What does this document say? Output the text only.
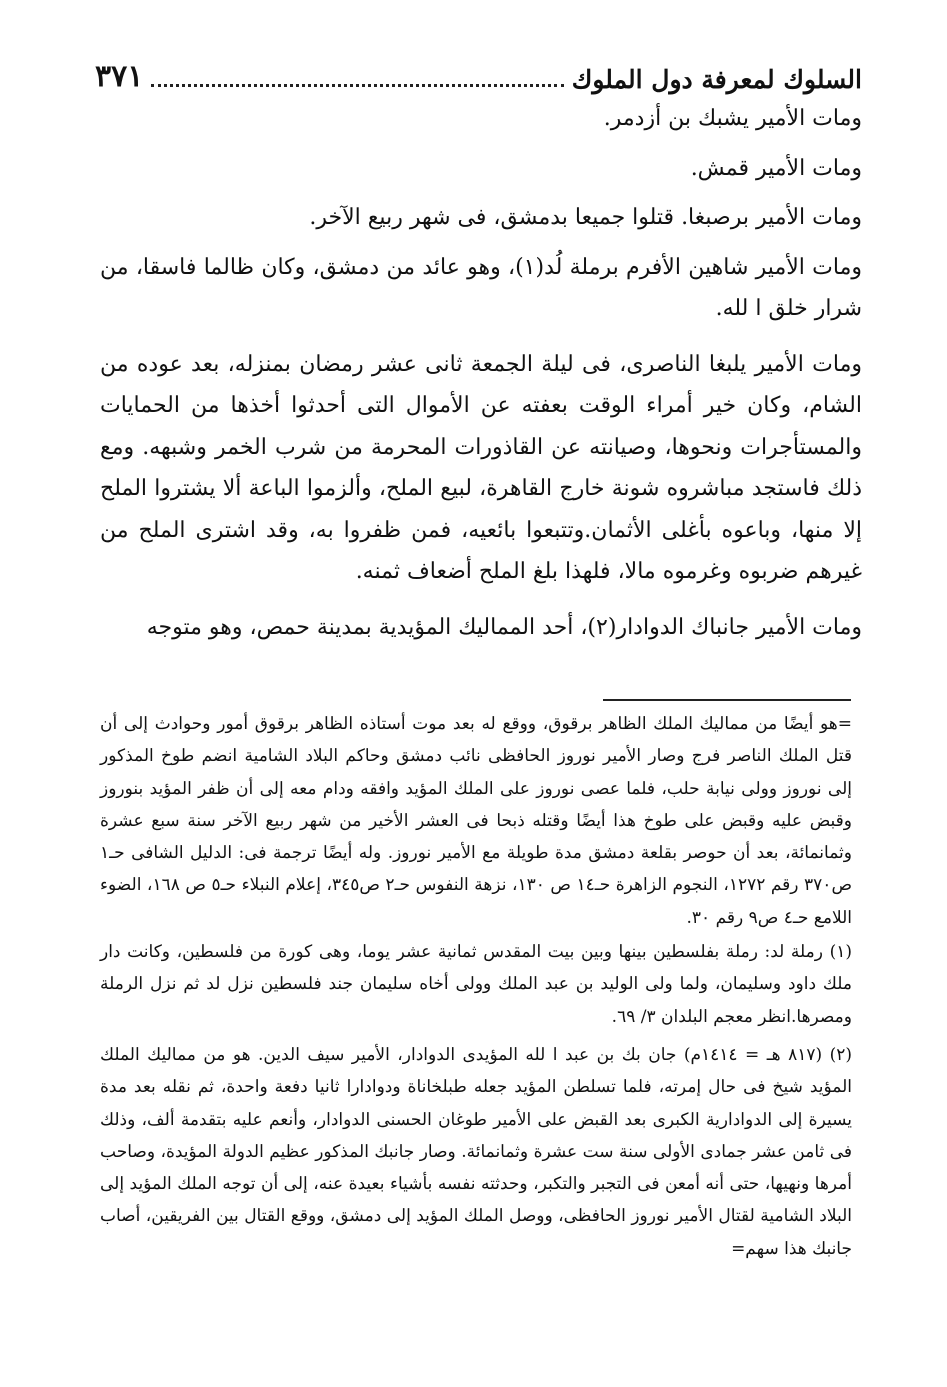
السلوك لمعرفة دول الملوك
٣٧١

ومات الأمير يشبك بن أزدمر.

ومات الأمير قمش.

ومات الأمير برصبغا. قتلوا جميعا بدمشق، فى شهر ربيع الآخر.

ومات الأمير شاهين الأفرم برملة لُد(١)، وهو عائد من دمشق، وكان ظالما فاسقا، من شرار خلق ا لله.

ومات الأمير يلبغا الناصرى، فى ليلة الجمعة ثانى عشر رمضان بمنزله، بعد عوده من الشام، وكان خير أمراء الوقت بعفته عن الأموال التى أحدثوا أخذها من الحمايات والمستأجرات ونحوها، وصيانته عن القاذورات المحرمة من شرب الخمر وشبهه. ومع ذلك فاستجد مباشروه شونة خارج القاهرة، لبيع الملح، وألزموا الباعة ألا يشتروا الملح إلا منها، وباعوه بأغلى الأثمان.وتتبعوا بائعيه، فمن ظفروا به، وقد اشترى الملح من غيرهم ضربوه وغرموه مالا، فلهذا بلغ الملح أضعاف ثمنه.

ومات الأمير جانباك الدوادار(٢)، أحد المماليك المؤيدية بمدينة حمص، وهو متوجه

=هو أيضًا من مماليك الملك الظاهر برقوق، ووقع له بعد موت أستاذه الظاهر برقوق أمور وحوادث إلى أن قتل الملك الناصر فرج وصار الأمير نوروز الحافظى نائب دمشق وحاكم البلاد الشامية انضم طوخ المذكور إلى نوروز وولى نيابة حلب، فلما عصى نوروز على الملك المؤيد وافقه ودام معه إلى أن ظفر المؤيد بنوروز وقبض عليه وقبض على طوخ هذا أيضًا وقتله ذبحا فى العشر الأخير من شهر ربيع الآخر سنة سبع عشرة وثمانمائة، بعد أن حوصر بقلعة دمشق مدة طويلة مع الأمير نوروز. وله أيضًا ترجمة فى: الدليل الشافى حـ١ ص٣٧٠ رقم ١٢٧٢، النجوم الزاهرة حـ١٤ ص ١٣٠، نزهة النفوس حـ٢ ص٣٤٥، إعلام النبلاء حـ٥ ص ١٦٨، الضوء اللامع حـ٤ ص٩ رقم ٣٠.

(١) رملة لد: رملة بفلسطين بينها وبين بيت المقدس ثمانية عشر يوما، وهى كورة من فلسطين، وكانت دار ملك داود وسليمان، ولما ولى الوليد بن عبد الملك وولى أخاه سليمان جند فلسطين نزل لد ثم نزل الرملة ومصرها.انظر معجم البلدان ٣/ ٦٩.

(٢) (٨١٧ هـ = ١٤١٤م) جان بك بن عبد ا لله المؤيدى الدوادار، الأمير سيف الدين. هو من مماليك الملك المؤيد شيخ فى حال إمرته، فلما تسلطن المؤيد جعله طبلخاناة ودوادارا ثانيا دفعة واحدة، ثم نقله بعد مدة يسيرة إلى الدوادارية الكبرى بعد القبض على الأمير طوغان الحسنى الدوادار، وأنعم عليه بتقدمة ألف، وذلك فى ثامن عشر جمادى الأولى سنة ست عشرة وثمانمائة. وصار جانبك المذكور عظيم الدولة المؤيدة، وصاحب أمرها ونهيها، حتى أنه أمعن فى التجبر والتكبر، وحدثته نفسه بأشياء بعيدة عنه، إلى أن توجه الملك المؤيد إلى البلاد الشامية لقتال الأمير نوروز الحافظى، ووصل الملك المؤيد إلى دمشق، ووقع القتال بين الفريقين، أصاب جانبك هذا سهم=
